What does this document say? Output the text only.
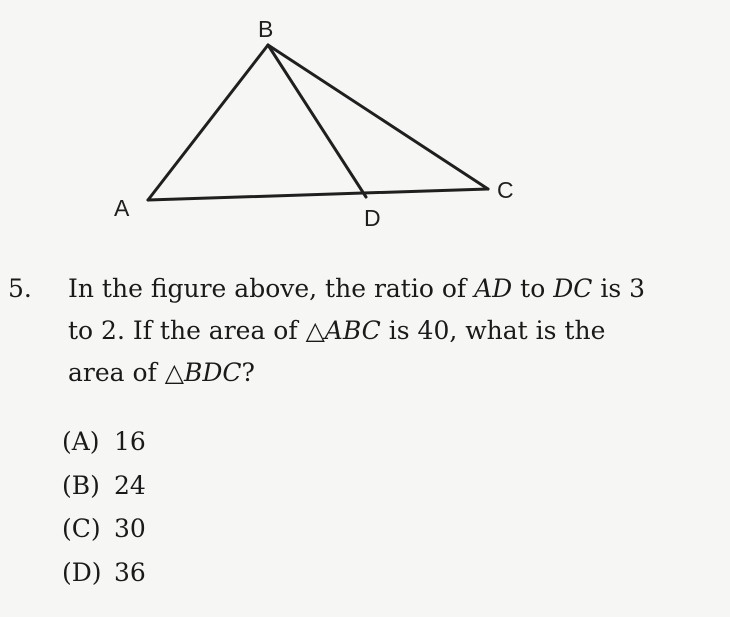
B
C
A	D
5.	In the figure above, the ratio of AD to DC is 3
to 2. If the area of △ABC is 40, what is the
area of △BDC?
(A) 16
(B) 24
(C) 30
(D) 36
